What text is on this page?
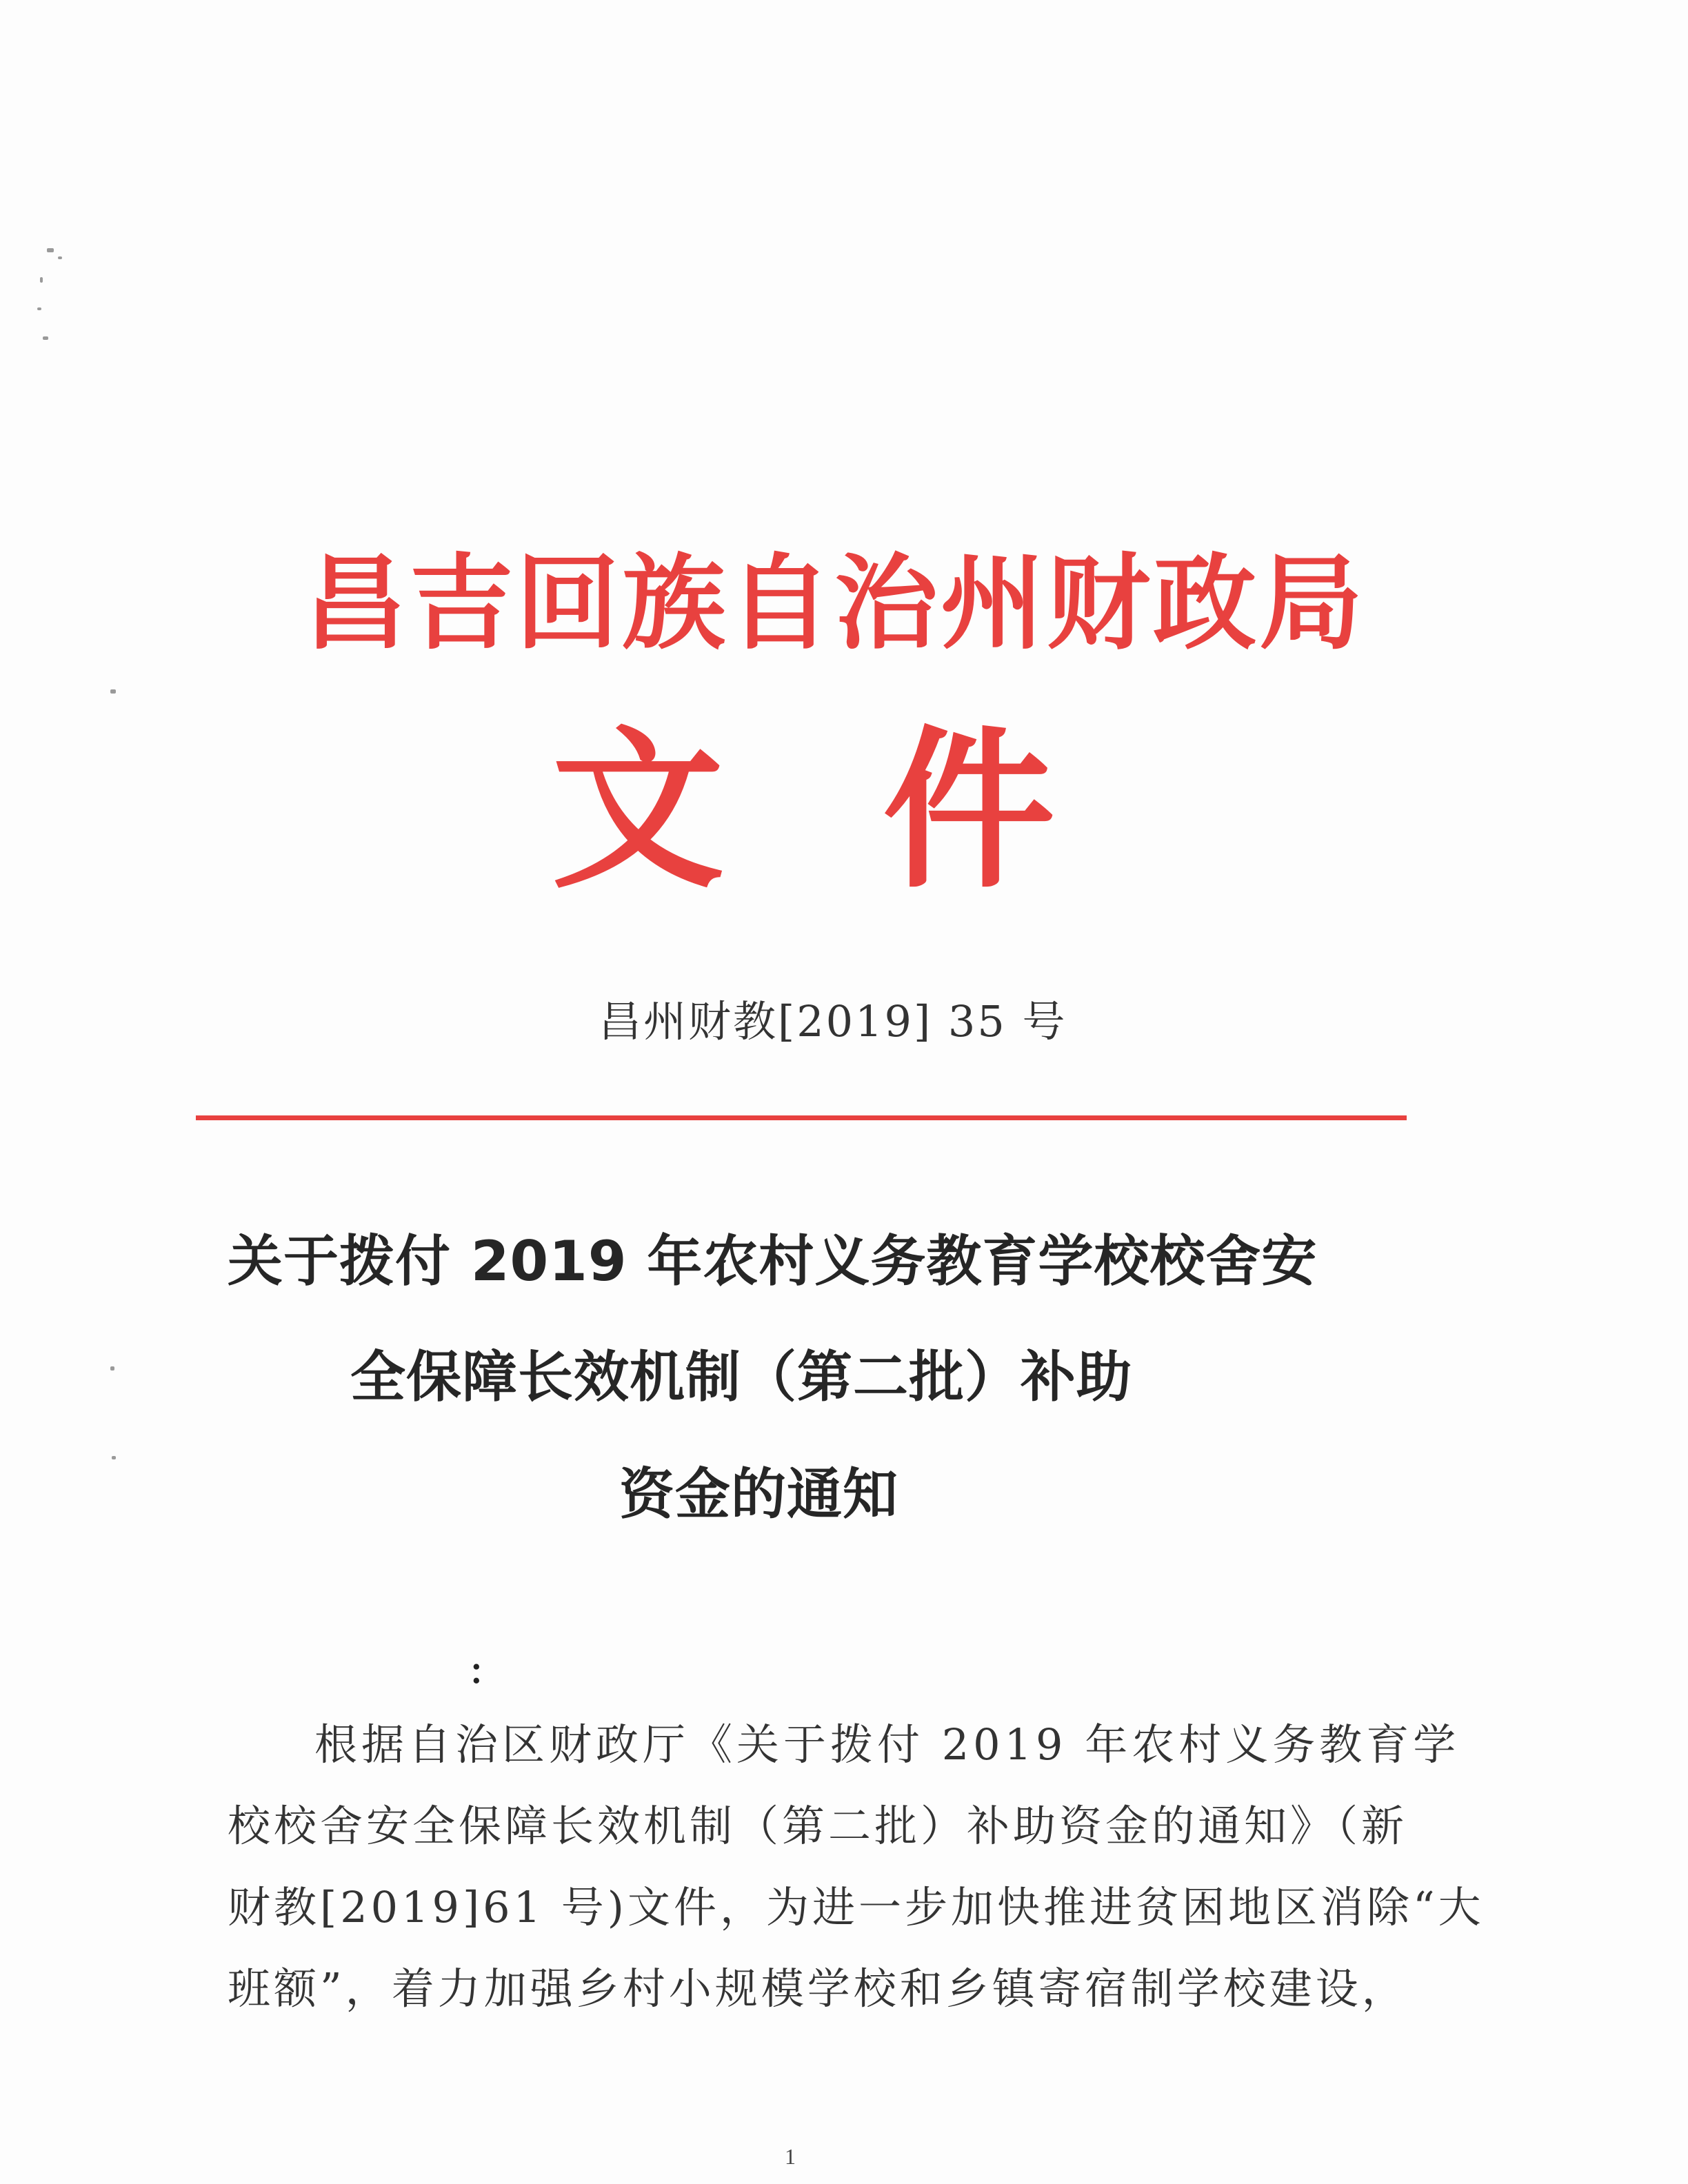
昌吉回族自治州财政局
文 件
昌州财教[2019] 35 号
关于拨付 2019 年农村义务教育学校校舍安
全保障长效机制（第二批）补助
资金的通知
:
根据自治区财政厅《关于拨付 2019 年农村义务教育学
校校舍安全保障长效机制（第二批）补助资金的通知》（新
财教[2019]61 号)文件，为进一步加快推进贫困地区消除“大
班额”，着力加强乡村小规模学校和乡镇寄宿制学校建设，
1
